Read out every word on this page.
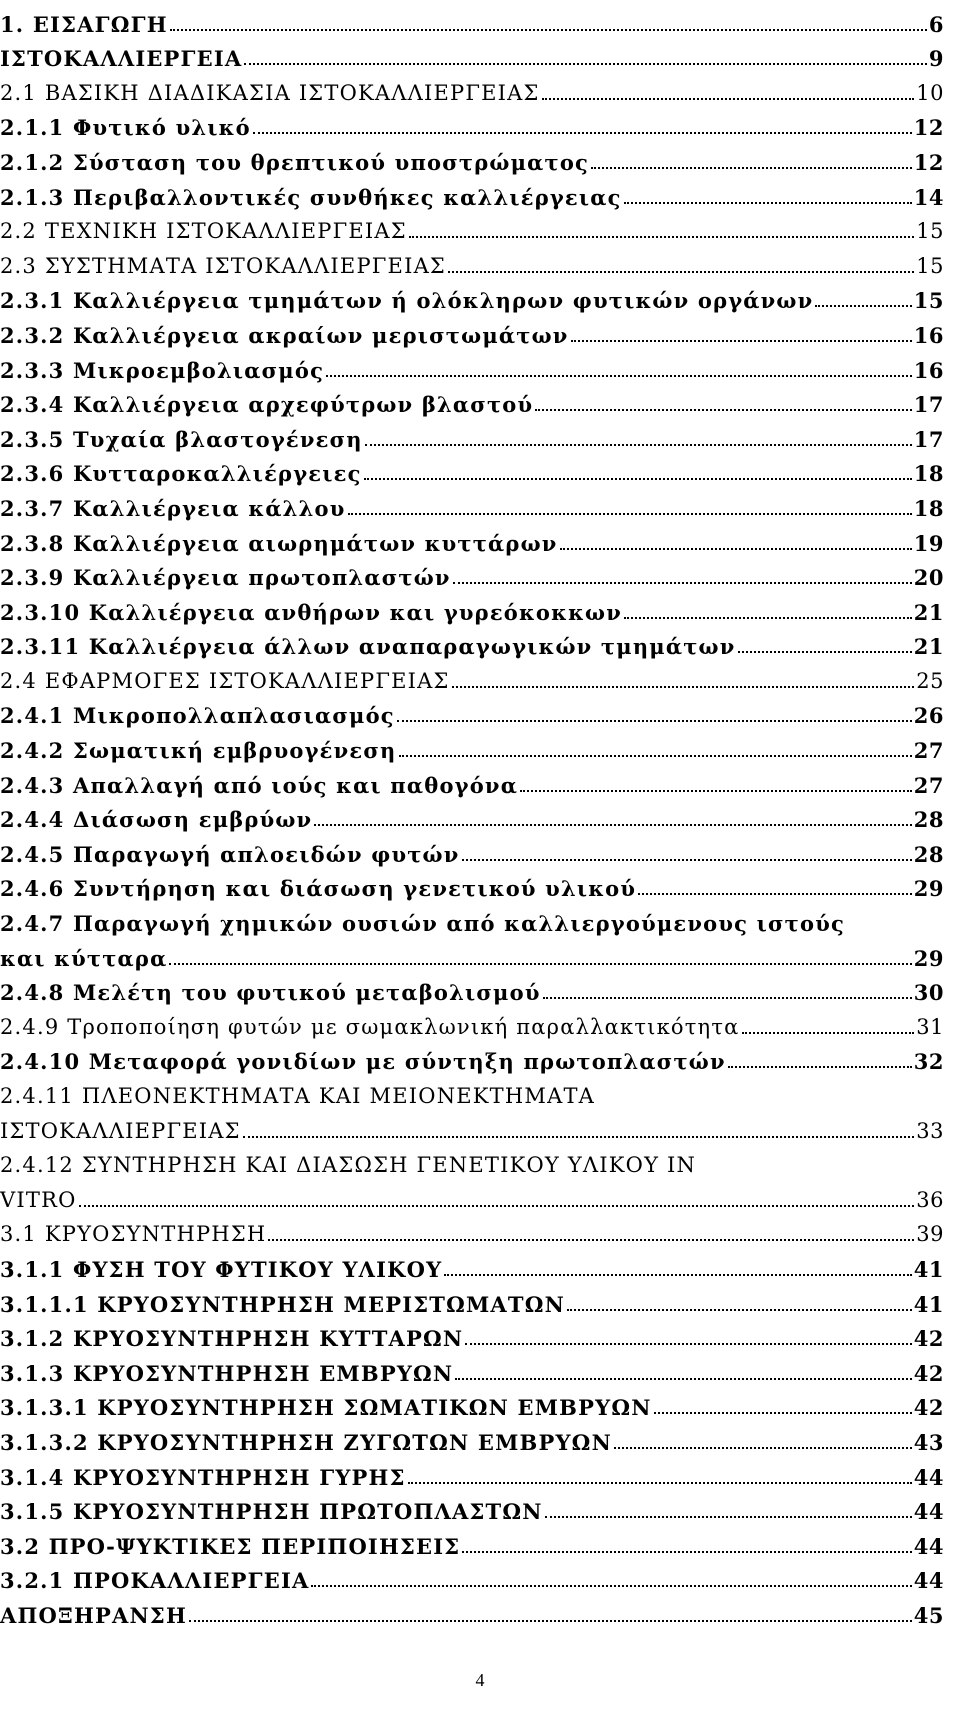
1. ΕΙΣΑΓΩΓΗ	6
ΙΣΤΟΚΑΛΛΙΕΡΓΕΙΑ	9
2.1 ΒΑΣΙΚΗ ΔΙΑΔΙΚΑΣΙΑ ΙΣΤΟΚΑΛΛΙΕΡΓΕΙΑΣ	10
2.1.1 Φυτικό υλικό	12
2.1.2 Σύσταση του θρεπτικού υποστρώματος	12
2.1.3 Περιβαλλοντικές συνθήκες καλλιέργειας	14
2.2 ΤΕΧΝΙΚΗ ΙΣΤΟΚΑΛΛΙΕΡΓΕΙΑΣ	15
2.3 ΣΥΣΤΗΜΑΤΑ ΙΣΤΟΚΑΛΛΙΕΡΓΕΙΑΣ	15
2.3.1 Καλλιέργεια τμημάτων ή ολόκληρων φυτικών οργάνων	15
2.3.2 Καλλιέργεια ακραίων μεριστωμάτων	16
2.3.3 Μικροεμβολιασμός	16
2.3.4 Καλλιέργεια αρχεφύτρων βλαστού	17
2.3.5 Τυχαία βλαστογένεση	17
2.3.6 Κυτταροκαλλιέργειες	18
2.3.7 Καλλιέργεια κάλλου	18
2.3.8 Καλλιέργεια αιωρημάτων κυττάρων	19
2.3.9 Καλλιέργεια πρωτοπλαστών	20
2.3.10 Καλλιέργεια ανθήρων και γυρεόκοκκων	21
2.3.11 Καλλιέργεια άλλων αναπαραγωγικών τμημάτων	21
2.4 ΕΦΑΡΜΟΓΕΣ ΙΣΤΟΚΑΛΛΙΕΡΓΕΙΑΣ	25
2.4.1 Μικροπολλαπλασιασμός	26
2.4.2 Σωματική εμβρυογένεση	27
2.4.3 Απαλλαγή από ιούς και παθογόνα	27
2.4.4 Διάσωση εμβρύων	28
2.4.5 Παραγωγή απλοειδών φυτών	28
2.4.6 Συντήρηση και διάσωση γενετικού υλικού	29
2.4.7 Παραγωγή χημικών ουσιών από καλλιεργούμενους ιστούς
και κύτταρα	29
2.4.8 Μελέτη του φυτικού μεταβολισμού	30
2.4.9 Τροποποίηση φυτών με σωμακλωνική παραλλακτικότητα	31
2.4.10 Μεταφορά γονιδίων με σύντηξη πρωτοπλαστών	32
2.4.11 ΠΛΕΟΝΕΚΤΗΜΑΤΑ ΚΑΙ ΜΕΙΟΝΕΚΤΗΜΑΤΑ
ΙΣΤΟΚΑΛΛΙΕΡΓΕΙΑΣ	33
2.4.12 ΣΥΝΤΗΡΗΣΗ ΚΑΙ ΔΙΑΣΩΣΗ ΓΕΝΕΤΙΚΟΥ ΥΛΙΚΟΥ IN
VITRO	36
3.1 ΚΡΥΟΣΥΝΤΗΡΗΣΗ	39
3.1.1 ΦΥΣΗ ΤΟΥ ΦΥΤΙΚΟΥ ΥΛΙΚΟΥ	41
3.1.1.1 ΚΡΥΟΣΥΝΤΗΡΗΣΗ ΜΕΡΙΣΤΩΜΑΤΩΝ	41
3.1.2 ΚΡΥΟΣΥΝΤΗΡΗΣΗ ΚΥΤΤΑΡΩΝ	42
3.1.3 ΚΡΥΟΣΥΝΤΗΡΗΣΗ ΕΜΒΡΥΩΝ	42
3.1.3.1 ΚΡΥΟΣΥΝΤΗΡΗΣΗ ΣΩΜΑΤΙΚΩΝ ΕΜΒΡΥΩΝ	42
3.1.3.2 ΚΡΥΟΣΥΝΤΗΡΗΣΗ ΖΥΓΩΤΩΝ ΕΜΒΡΥΩΝ	43
3.1.4 ΚΡΥΟΣΥΝΤΗΡΗΣΗ ΓΥΡΗΣ	44
3.1.5 ΚΡΥΟΣΥΝΤΗΡΗΣΗ ΠΡΩΤΟΠΛΑΣΤΩΝ	44
3.2 ΠΡΟ-ΨΥΚΤΙΚΕΣ ΠΕΡΙΠΟΙΗΣΕΙΣ	44
3.2.1 ΠΡΟΚΑΛΛΙΕΡΓΕΙΑ	44
ΑΠΟΞΗΡΑΝΣΗ	45
4
